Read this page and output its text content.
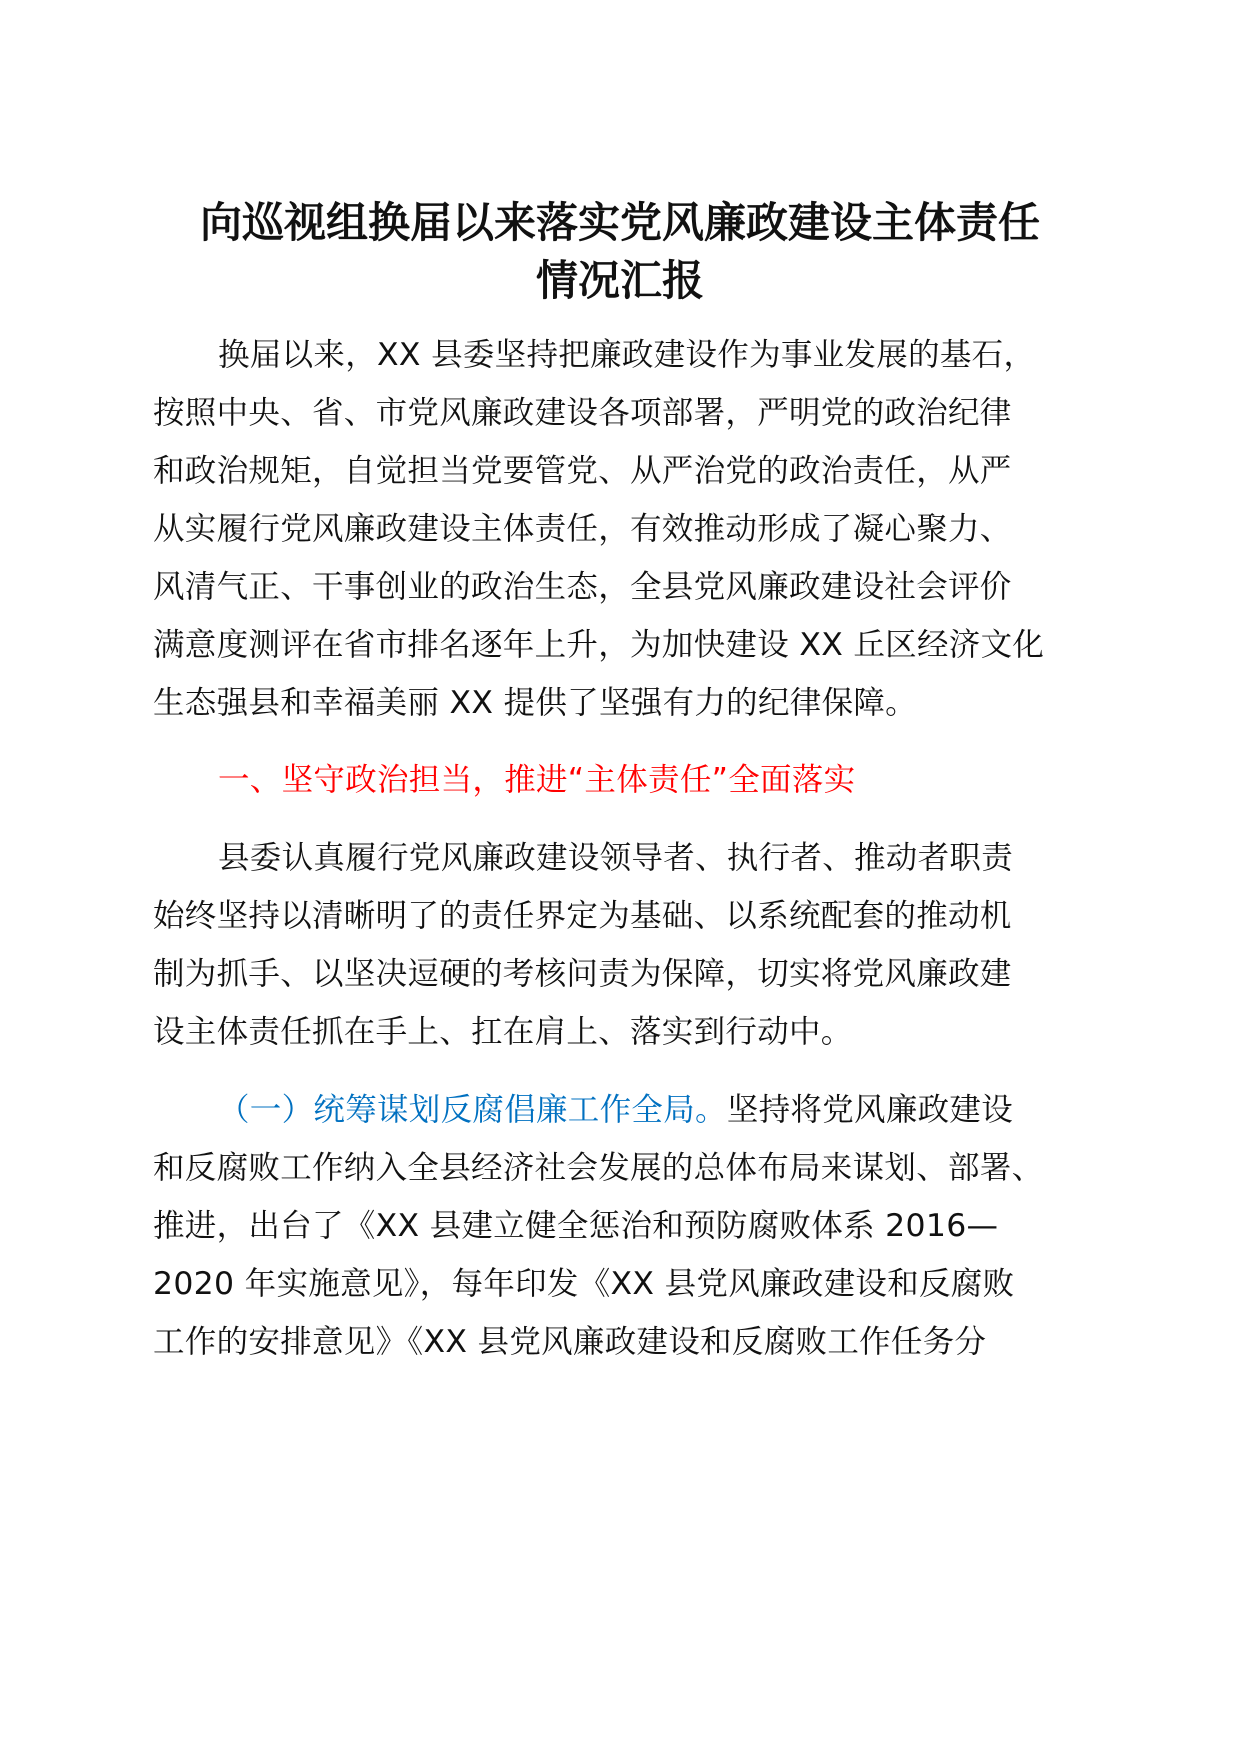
向巡视组换届以来落实党风廉政建设主体责任
情况汇报
换届以来，XX 县委坚持把廉政建设作为事业发展的基石，
按照中央、省、市党风廉政建设各项部署，严明党的政治纪律
和政治规矩，自觉担当党要管党、从严治党的政治责任，从严
从实履行党风廉政建设主体责任，有效推动形成了凝心聚力、
风清气正、干事创业的政治生态，全县党风廉政建设社会评价
满意度测评在省市排名逐年上升，为加快建设 XX 丘区经济文化
生态强县和幸福美丽 XX 提供了坚强有力的纪律保障。
一、坚守政治担当，推进“主体责任”全面落实
县委认真履行党风廉政建设领导者、执行者、推动者职责
始终坚持以清晰明了的责任界定为基础、以系统配套的推动机
制为抓手、以坚决逗硬的考核问责为保障，切实将党风廉政建
设主体责任抓在手上、扛在肩上、落实到行动中。
（一）统筹谋划反腐倡廉工作全局。坚持将党风廉政建设
和反腐败工作纳入全县经济社会发展的总体布局来谋划、部署、
推进，出台了《XX 县建立健全惩治和预防腐败体系 2016—
2020 年实施意见》，每年印发《XX 县党风廉政建设和反腐败
工作的安排意见》《XX 县党风廉政建设和反腐败工作任务分
